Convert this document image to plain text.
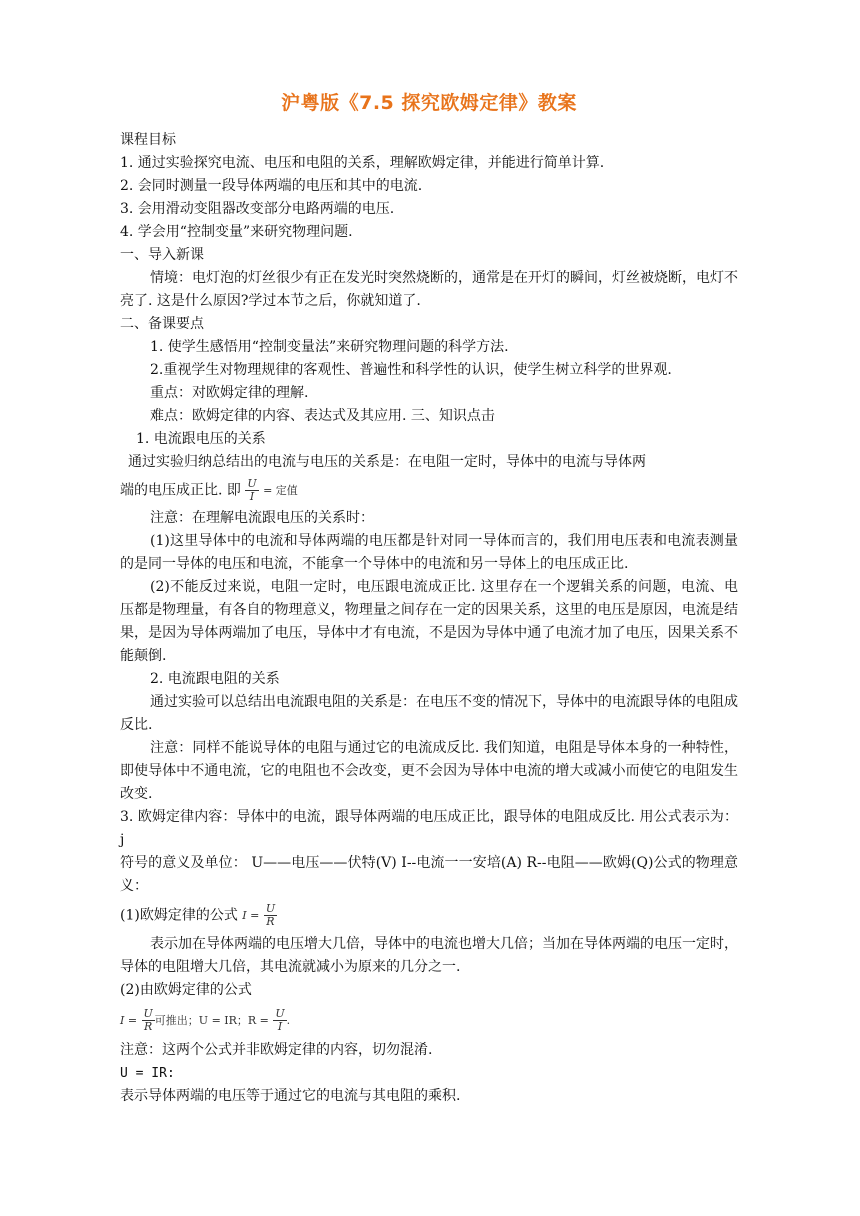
沪粤版《7.5 探究欧姆定律》教案

课程目标

1. 通过实验探究电流、电压和电阻的关系，理解欧姆定律，并能进行简单计算.

2. 会同时测量一段导体两端的电压和其中的电流.

3. 会用滑动变阻器改变部分电路两端的电压.

4. 学会用“控制变量”来研究物理问题.

一、导入新课

情境：电灯泡的灯丝很少有正在发光时突然烧断的，通常是在开灯的瞬间，灯丝被烧断，电灯不亮了. 这是什么原因?学过本节之后，你就知道了.

二、备课要点

1. 使学生感悟用“控制变量法”来研究物理问题的科学方法.

2.重视学生对物理规律的客观性、普遍性和科学性的认识，使学生树立科学的世界观.

重点：对欧姆定律的理解.

难点：欧姆定律的内容、表达式及其应用. 三、知识点击

1. 电流跟电压的关系

通过实验归纳总结出的电流与电压的关系是：在电阻一定时，导体中的电流与导体两

端的电压成正比. 即 $\frac{U}{I}$ = 定值

注意：在理解电流跟电压的关系时：

(1)这里导体中的电流和导体两端的电压都是针对同一导体而言的，我们用电压表和电流表测量的是同一导体的电压和电流，不能拿一个导体中的电流和另一导体上的电压成正比.

(2)不能反过来说，电阻一定时，电压跟电流成正比. 这里存在一个逻辑关系的问题，电流、电压都是物理量，有各自的物理意义，物理量之间存在一定的因果关系，这里的电压是原因，电流是结果，是因为导体两端加了电压，导体中才有电流，不是因为导体中通了电流才加了电压，因果关系不能颠倒.

2. 电流跟电阻的关系

通过实验可以总结出电流跟电阻的关系是：在电压不变的情况下，导体中的电流跟导体的电阻成反比.

注意：同样不能说导体的电阻与通过它的电流成反比. 我们知道，电阻是导体本身的一种特性，即使导体中不通电流，它的电阻也不会改变，更不会因为导体中电流的增大或减小而使它的电阻发生改变.

3. 欧姆定律内容：导体中的电流，跟导体两端的电压成正比，跟导体的电阻成反比. 用公式表示为：j

符号的意义及单位： U——电压——伏特(V) I--电流一一安培(A) R--电阻——欧姆(Q)公式的物理意义：

(1)欧姆定律的公式 $I = \frac{U}{R}$

表示加在导体两端的电压增大几倍，导体中的电流也增大几倍；当加在导体两端的电压一定时，导体的电阻增大几倍，其电流就减小为原来的几分之一.

(2)由欧姆定律的公式

$I = \frac{U}{R}$ 可推出；U = IR；$R = \frac{U}{I}$ .

注意：这两个公式并非欧姆定律的内容，切勿混淆.

U = IR:

表示导体两端的电压等于通过它的电流与其电阻的乘积.
